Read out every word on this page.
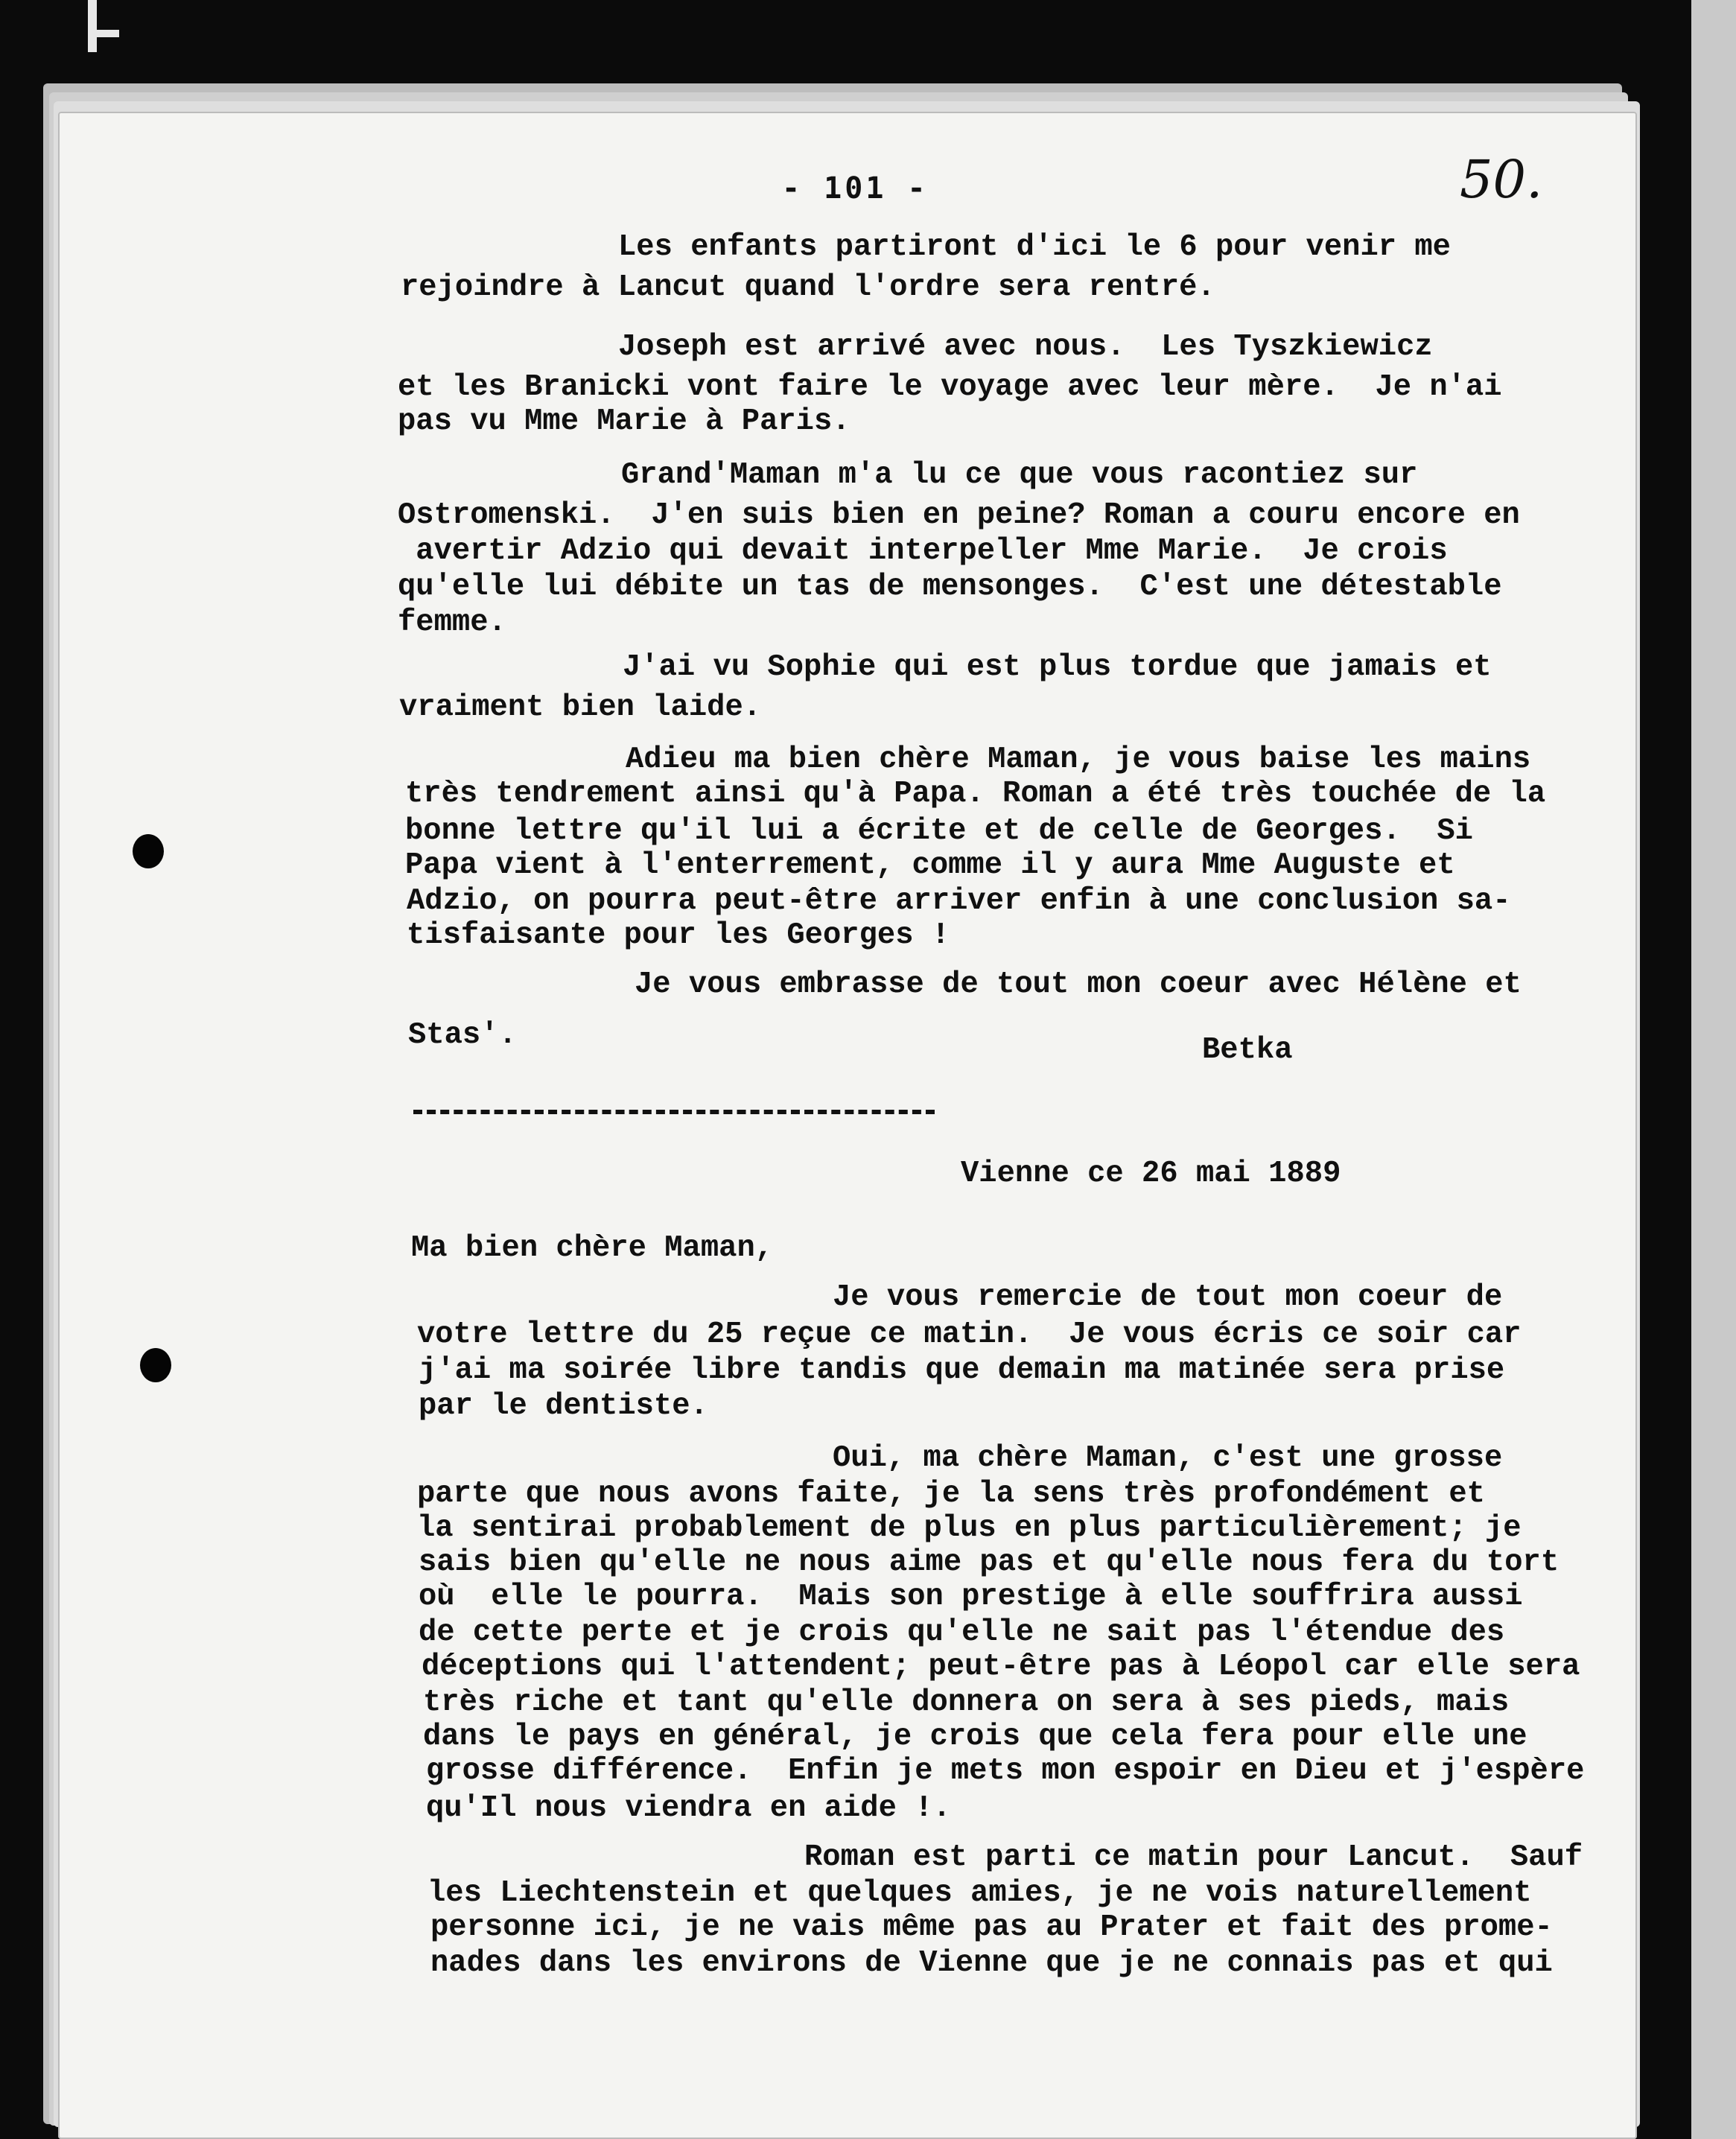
- 101 -	50.
Les enfants partiront d'ici le 6 pour venir me
rejoindre à Lancut quand l'ordre sera rentré.
Joseph est arrivé avec nous.  Les Tyszkiewicz
et les Branicki vont faire le voyage avec leur mère.  Je n'ai
pas vu Mme Marie à Paris.
Grand'Maman m'a lu ce que vous racontiez sur
Ostromenski.  J'en suis bien en peine? Roman a couru encore en
avertir Adzio qui devait interpeller Mme Marie.  Je crois
qu'elle lui débite un tas de mensonges.  C'est une détestable
femme.
J'ai vu Sophie qui est plus tordue que jamais et
vraiment bien laide.
Adieu ma bien chère Maman, je vous baise les mains
très tendrement ainsi qu'à Papa. Roman a été très touchée de la
bonne lettre qu'il lui a écrite et de celle de Georges.  Si
Papa vient à l'enterrement, comme il y aura Mme Auguste et
Adzio, on pourra peut-être arriver enfin à une conclusion sa-
tisfaisante pour les Georges !
Je vous embrasse de tout mon coeur avec Hélène et
Stas'.	Betka
Vienne ce 26 mai 1889
Ma bien chère Maman,
Je vous remercie de tout mon coeur de
votre lettre du 25 reçue ce matin.  Je vous écris ce soir car
j'ai ma soirée libre tandis que demain ma matinée sera prise
par le dentiste.
Oui, ma chère Maman, c'est une grosse
parte que nous avons faite, je la sens très profondément et
la sentirai probablement de plus en plus particulièrement; je
sais bien qu'elle ne nous aime pas et qu'elle nous fera du tort
où  elle le pourra.  Mais son prestige à elle souffrira aussi
de cette perte et je crois qu'elle ne sait pas l'étendue des
déceptions qui l'attendent; peut-être pas à Léopol car elle sera
très riche et tant qu'elle donnera on sera à ses pieds, mais
dans le pays en général, je crois que cela fera pour elle une
grosse différence.  Enfin je mets mon espoir en Dieu et j'espère
qu'Il nous viendra en aide !.
Roman est parti ce matin pour Lancut.  Sauf
les Liechtenstein et quelques amies, je ne vois naturellement
personne ici, je ne vais même pas au Prater et fait des prome-
nades dans les environs de Vienne que je ne connais pas et qui
